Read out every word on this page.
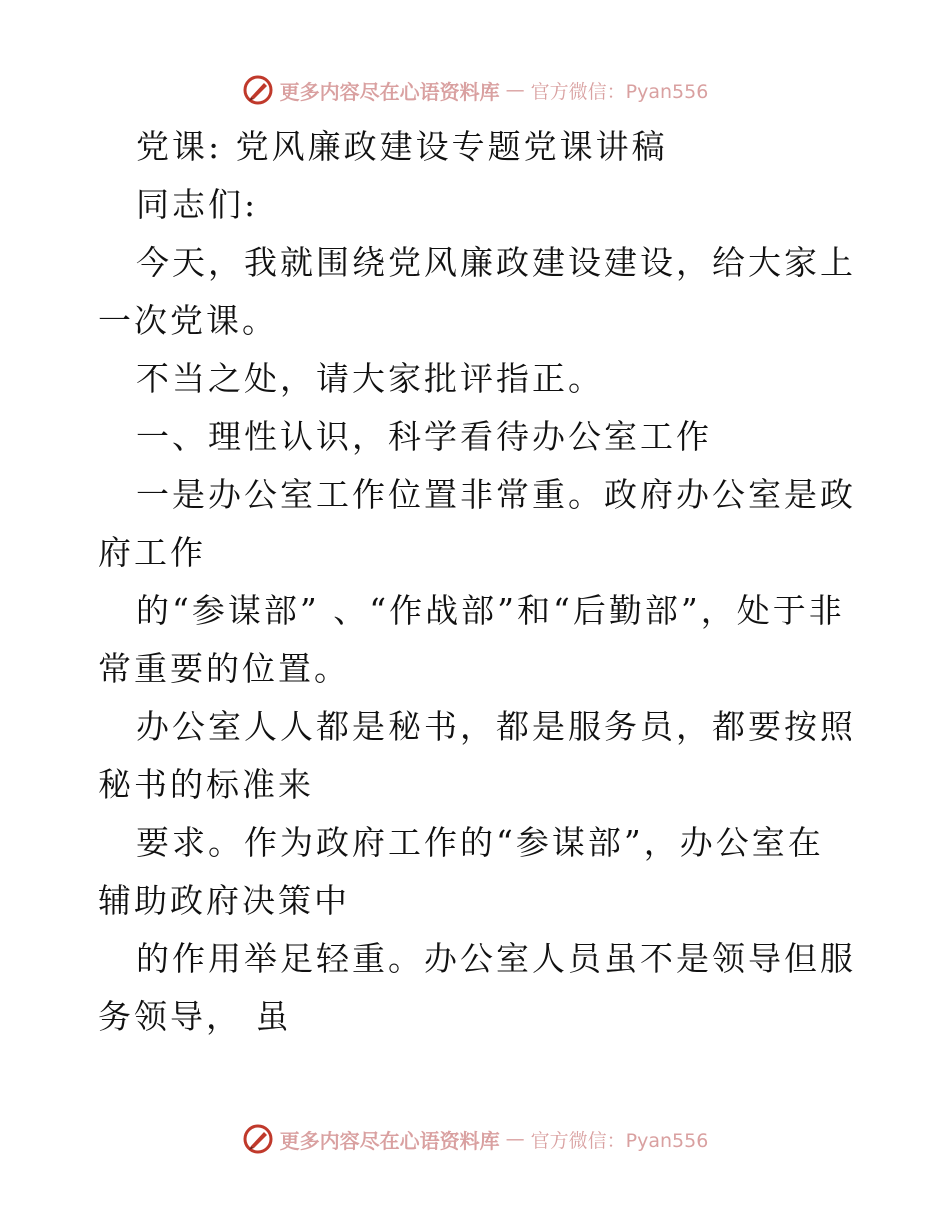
更多内容尽在心语资料库 — 官方微信：Pyan556

党课: 党风廉政建设专题党课讲稿

同志们:

今天，我就围绕党风廉政建设建设，给大家上一次党课。

不当之处，请大家批评指正。

一、理性认识，科学看待办公室工作

一是办公室工作位置非常重。政府办公室是政府工作

的“参谋部” 、“作战部”和“后勤部”，处于非常重要的位置。

办公室人人都是秘书，都是服务员，都要按照秘书的标准来

要求。作为政府工作的“参谋部”，办公室在辅助政府决策中

的作用举足轻重。办公室人员虽不是领导但服务领导， 虽

更多内容尽在心语资料库 — 官方微信：Pyan556
